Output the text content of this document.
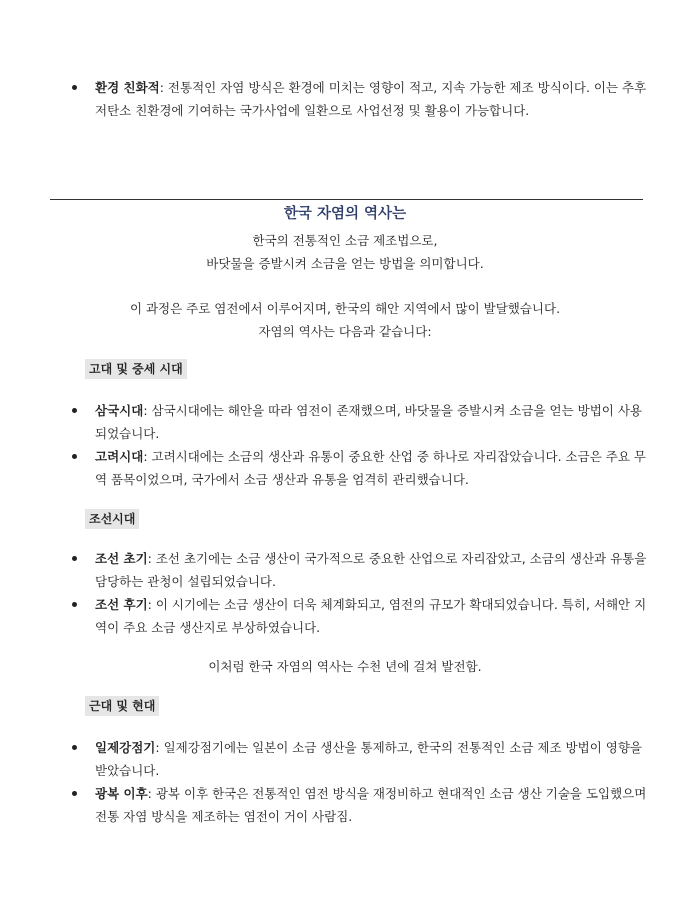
환경 친화적: 전통적인 자염 방식은 환경에 미치는 영향이 적고, 지속 가능한 제조 방식이다. 이는 추후 저탄소 친환경에 기여하는 국가사업에 일환으로 사업선정 및 활용이 가능합니다.
한국 자염의 역사는
한국의 전통적인 소금 제조법으로,
바닷물을 증발시켜 소금을 얻는 방법을 의미합니다.
이 과정은 주로 염전에서 이루어지며, 한국의 해안 지역에서 많이 발달했습니다.
자염의 역사는 다음과 같습니다:
고대 및 중세 시대
삼국시대: 삼국시대에는 해안을 따라 염전이 존재했으며, 바닷물을 증발시켜 소금을 얻는 방법이 사용되었습니다.
고려시대: 고려시대에는 소금의 생산과 유통이 중요한 산업 중 하나로 자리잡았습니다. 소금은 주요 무역 품목이었으며, 국가에서 소금 생산과 유통을 엄격히 관리했습니다.
조선시대
조선 초기: 조선 초기에는 소금 생산이 국가적으로 중요한 산업으로 자리잡았고, 소금의 생산과 유통을 담당하는 관청이 설립되었습니다.
조선 후기: 이 시기에는 소금 생산이 더욱 체계화되고, 염전의 규모가 확대되었습니다. 특히, 서해안 지역이 주요 소금 생산지로 부상하였습니다.
이처럼 한국 자염의 역사는 수천 년에 걸쳐 발전함.
근대 및 현대
일제강점기: 일제강점기에는 일본이 소금 생산을 통제하고, 한국의 전통적인 소금 제조 방법이 영향을 받았습니다.
광복 이후: 광복 이후 한국은 전통적인 염전 방식을 재정비하고 현대적인 소금 생산 기술을 도입했으며 전통 자염 방식을 제조하는 염전이 거이 사람짐.
